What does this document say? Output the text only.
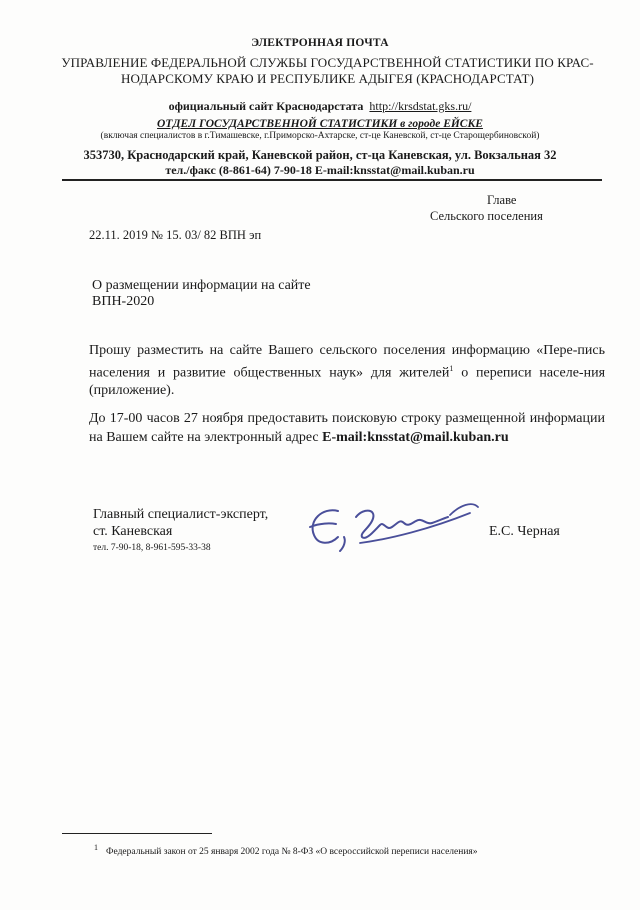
ЭЛЕКТРОННАЯ ПОЧТА
УПРАВЛЕНИЕ ФЕДЕРАЛЬНОЙ СЛУЖБЫ ГОСУДАРСТВЕННОЙ СТАТИСТИКИ ПО КРАС-
НОДАРСКОМУ КРАЮ И РЕСПУБЛИКЕ АДЫГЕЯ (КРАСНОДАРСТАТ)
официальный сайт Краснодарстата http://krsdstat.gks.ru/
ОТДЕЛ ГОСУДАРСТВЕННОЙ СТАТИСТИКИ в городе ЕЙСКЕ
(включая специалистов в г.Тимашевске, г.Приморско-Ахтарске, ст-це Каневской, ст-це Старощербиновской)
353730, Краснодарский край, Каневской район, ст-ца Каневская, ул. Вокзальная 32
тел./факс (8-861-64) 7-90-18 E-mail:knsstat@mail.kuban.ru
Главе
Сельского поселения
22.11. 2019 № 15. 03/ 82 ВПН эп
О размещении информации на сайте
ВПН-2020

Прошу разместить на сайте Вашего сельского поселения информацию «Пере-пись населения и развитие общественных наук» для жителей$^1$ о переписи населе-ния (приложение).

До 17-00 часов 27 ноября предоставить поисковую строку размещенной информации на Вашем сайте на электронный адрес E-mail:knsstat@mail.kuban.ru
Главный специалист-эксперт,
ст. Каневская
тел. 7-90-18, 8-961-595-33-38
Е.С. Черная
$^1$ Федеральный закон от 25 января 2002 года № 8-ФЗ «О всероссийской переписи населения»
